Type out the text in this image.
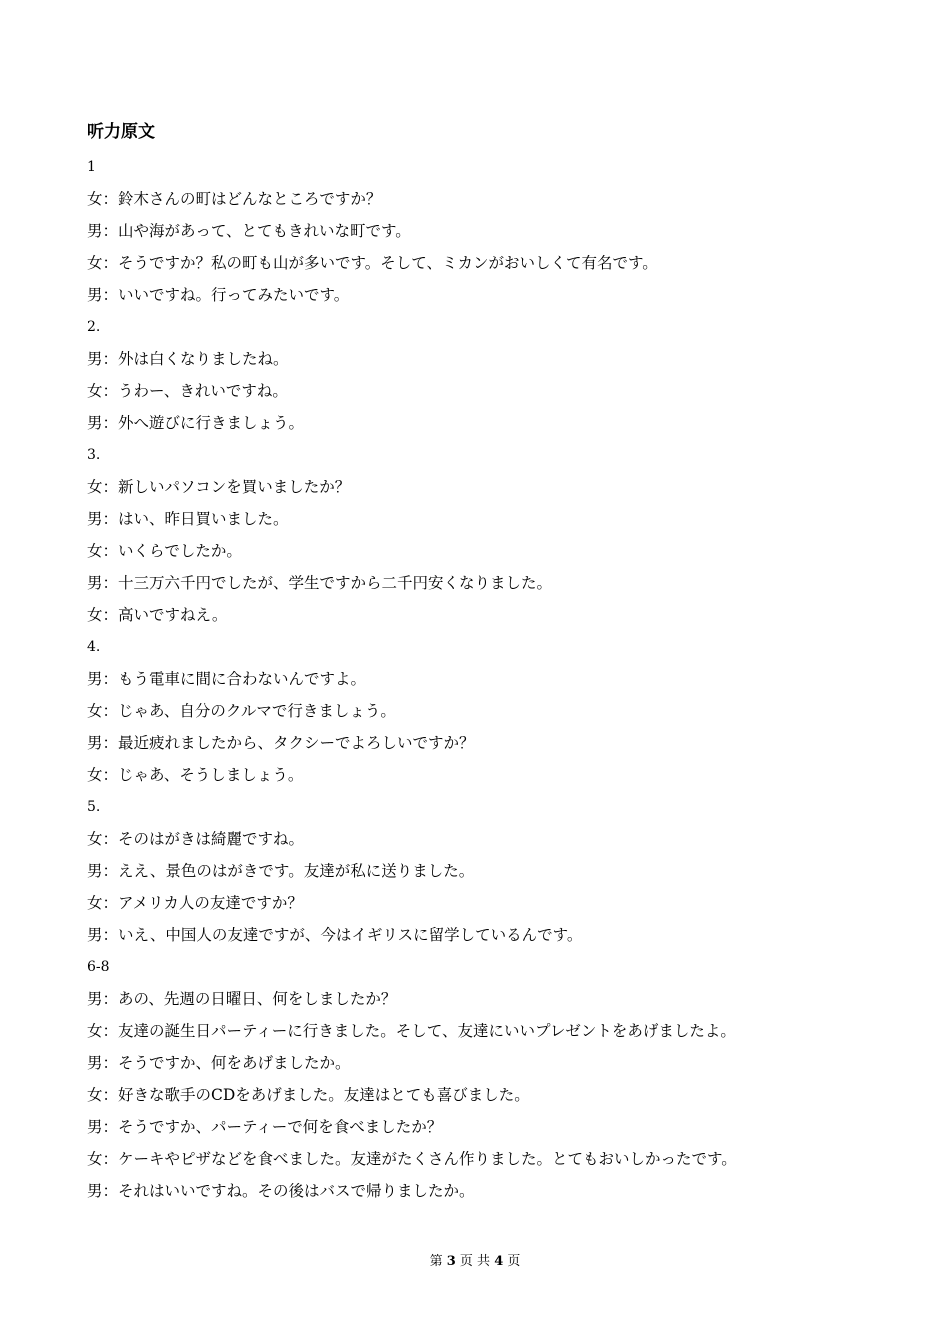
听力原文
1
女：鈴木さんの町はどんなところですか？
男：山や海があって、とてもきれいな町です。
女：そうですか？私の町も山が多いです。そして、ミカンがおいしくて有名です。
男：いいですね。行ってみたいです。
2.
男：外は白くなりましたね。
女：うわー、きれいですね。
男：外へ遊びに行きましょう。
3.
女：新しいパソコンを買いましたか？
男：はい、昨日買いました。
女：いくらでしたか。
男：十三万六千円でしたが、学生ですから二千円安くなりました。
女：高いですねえ。
4.
男：もう電車に間に合わないんですよ。
女：じゃあ、自分のクルマで行きましょう。
男：最近疲れましたから、タクシーでよろしいですか？
女：じゃあ、そうしましょう。
5.
女：そのはがきは綺麗ですね。
男：ええ、景色のはがきです。友達が私に送りました。
女：アメリカ人の友達ですか？
男：いえ、中国人の友達ですが、今はイギリスに留学しているんです。
6-8
男：あの、先週の日曜日、何をしましたか？
女：友達の誕生日パーティーに行きました。そして、友達にいいプレゼントをあげましたよ。
男：そうですか、何をあげましたか。
女：好きな歌手のCDをあげました。友達はとても喜びました。
男：そうですか、パーティーで何を食べましたか？
女：ケーキやピザなどを食べました。友達がたくさん作りました。とてもおいしかったです。
男：それはいいですね。その後はバスで帰りましたか。
第 3 页 共 4 页
